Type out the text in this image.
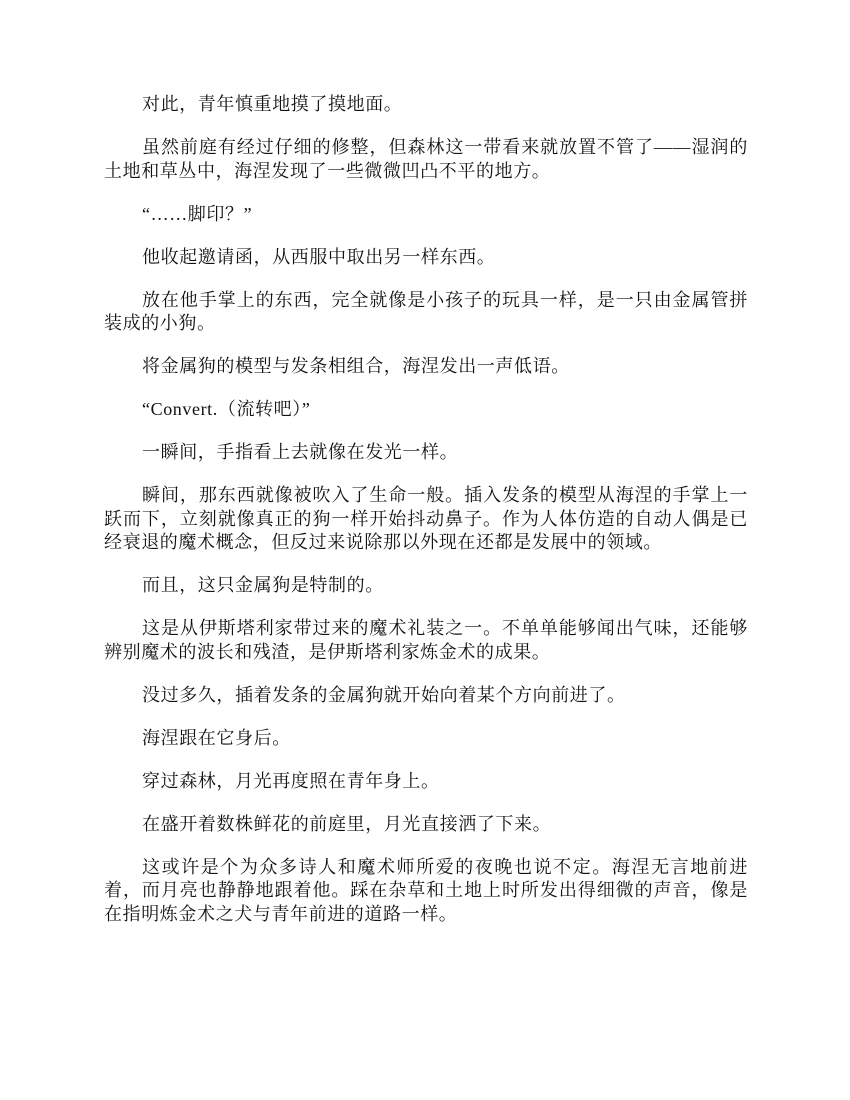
对此，青年慎重地摸了摸地面。

虽然前庭有经过仔细的修整，但森林这一带看来就放置不管了——湿润的土地和草丛中，海涅发现了一些微微凹凸不平的地方。

“……脚印？”

他收起邀请函，从西服中取出另一样东西。

放在他手掌上的东西，完全就像是小孩子的玩具一样，是一只由金属管拼装成的小狗。

将金属狗的模型与发条相组合，海涅发出一声低语。

“Convert.（流转吧）”

一瞬间，手指看上去就像在发光一样。

瞬间，那东西就像被吹入了生命一般。插入发条的模型从海涅的手掌上一跃而下，立刻就像真正的狗一样开始抖动鼻子。作为人体仿造的自动人偶是已经衰退的魔术概念，但反过来说除那以外现在还都是发展中的领域。

而且，这只金属狗是特制的。

这是从伊斯塔利家带过来的魔术礼装之一。不单单能够闻出气味，还能够辨别魔术的波长和残渣，是伊斯塔利家炼金术的成果。

没过多久，插着发条的金属狗就开始向着某个方向前进了。

海涅跟在它身后。

穿过森林，月光再度照在青年身上。

在盛开着数株鲜花的前庭里，月光直接洒了下来。

这或许是个为众多诗人和魔术师所爱的夜晚也说不定。海涅无言地前进着，而月亮也静静地跟着他。踩在杂草和土地上时所发出得细微的声音，像是在指明炼金术之犬与青年前进的道路一样。
